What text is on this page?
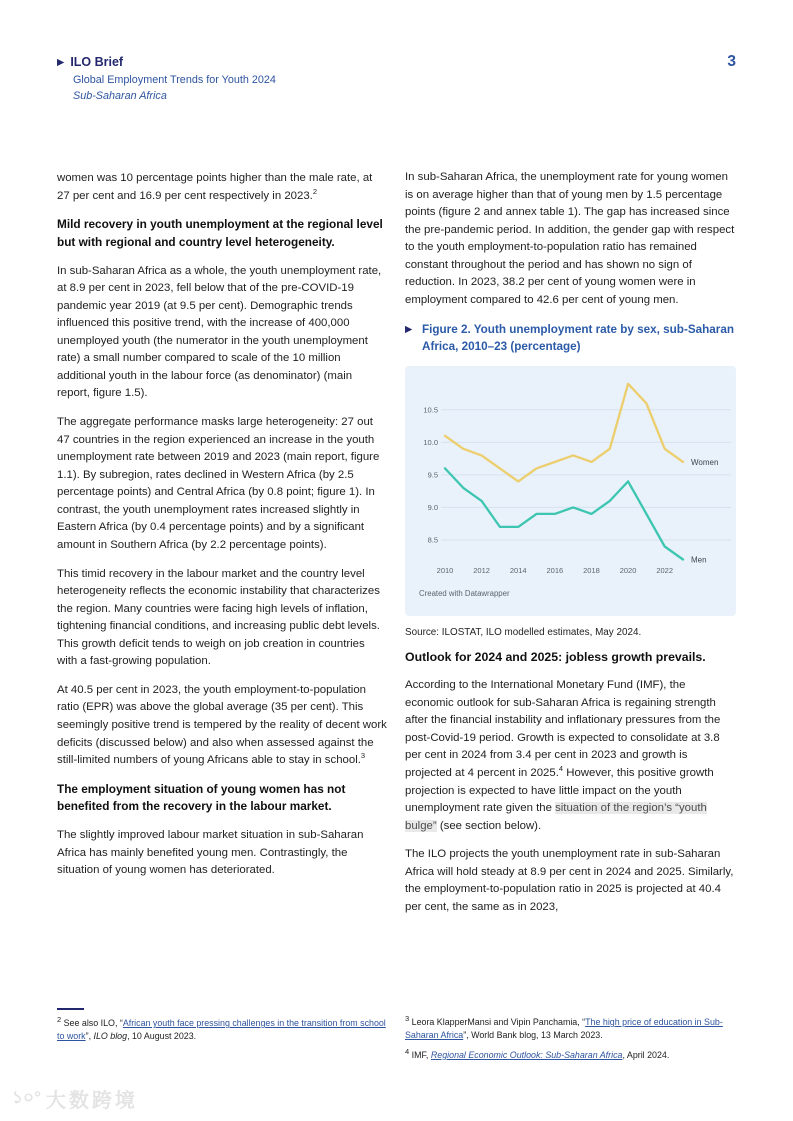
▶ ILO Brief
Global Employment Trends for Youth 2024
Sub-Saharan Africa
3

women was 10 percentage points higher than the male rate, at 27 per cent and 16.9 per cent respectively in 2023.$^2$

Mild recovery in youth unemployment at the regional level but with regional and country level heterogeneity.

In sub-Saharan Africa as a whole, the youth unemployment rate, at 8.9 per cent in 2023, fell below that of the pre-COVID-19 pandemic year 2019 (at 9.5 per cent). Demographic trends influenced this positive trend, with the increase of 400,000 unemployed youth (the numerator in the youth unemployment rate) a small number compared to scale of the 10 million additional youth in the labour force (as denominator) (main report, figure 1.5).

The aggregate performance masks large heterogeneity: 27 out 47 countries in the region experienced an increase in the youth unemployment rate between 2019 and 2023 (main report, figure 1.1). By subregion, rates declined in Western Africa (by 2.5 percentage points) and Central Africa (by 0.8 point; figure 1). In contrast, the youth unemployment rates increased slightly in Eastern Africa (by 0.4 percentage points) and by a significant amount in Southern Africa (by 2.2 percentage points).

This timid recovery in the labour market and the country level heterogeneity reflects the economic instability that characterizes the region. Many countries were facing high levels of inflation, tightening financial conditions, and increasing public debt levels. This growth deficit tends to weigh on job creation in countries with a fast-growing population.

At 40.5 per cent in 2023, the youth employment-to-population ratio (EPR) was above the global average (35 per cent). This seemingly positive trend is tempered by the reality of decent work deficits (discussed below) and also when assessed against the still-limited numbers of young Africans able to stay in school.$^3$

The employment situation of young women has not benefited from the recovery in the labour market.

The slightly improved labour market situation in sub-Saharan Africa has mainly benefited young men. Contrastingly, the situation of young women has deteriorated.

In sub-Saharan Africa, the unemployment rate for young women is on average higher than that of young men by 1.5 percentage points (figure 2 and annex table 1). The gap has increased since the pre-pandemic period. In addition, the gender gap with respect to the youth employment-to-population ratio has remained constant throughout the period and has shown no sign of reduction. In 2023, 38.2 per cent of young women were in employment compared to 42.6 per cent of young men.

▶ Figure 2. Youth unemployment rate by sex, sub-Saharan Africa, 2010–23 (percentage)
10.5
10.0
9.5
9.0
8.5
2010	2012	2014	2016	2018	2020	2022
Women
Men
Created with Datawrapper

Source: ILOSTAT, ILO modelled estimates, May 2024.

Outlook for 2024 and 2025: jobless growth prevails.

According to the International Monetary Fund (IMF), the economic outlook for sub-Saharan Africa is regaining strength after the financial instability and inflationary pressures from the post-Covid-19 period. Growth is expected to consolidate at 3.8 per cent in 2024 from 3.4 per cent in 2023 and growth is projected at 4 percent in 2025.$^4$ However, this positive growth projection is expected to have little impact on the youth unemployment rate given the situation of the region’s “youth bulge” (see section below).

The ILO projects the youth unemployment rate in sub-Saharan Africa will hold steady at 8.9 per cent in 2024 and 2025. Similarly, the employment-to-population ratio in 2025 is projected at 40.4 per cent, the same as in 2023,

$^2$ See also ILO, “African youth face pressing challenges in the transition from school to work”, ILO blog, 10 August 2023.

$^3$ Leora KlapperMansi and Vipin Panchamia, “The high price of education in Sub-Saharan Africa”, World Bank blog, 13 March 2023.

$^4$ IMF, Regional Economic Outlook: Sub-Saharan Africa, April 2024.

১০° 大数跨境
